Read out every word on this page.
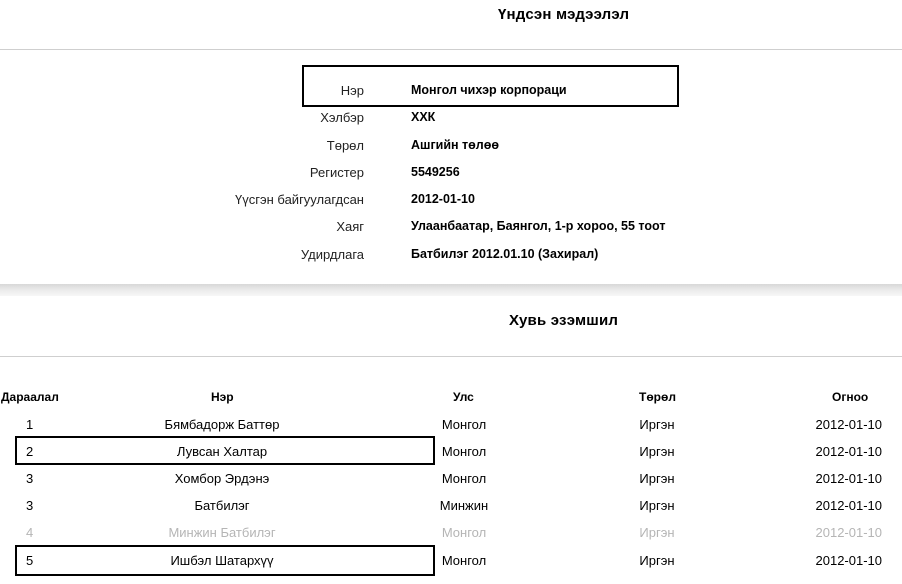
Үндсэн мэдээлэл
Нэр	Монгол чихэр корпораци
Хэлбэр	ХХК
Төрөл	Ашгийн төлөө
Регистер	5549256
Үүсгэн байгуулагдсан	2012-01-10
Хаяг	Улаанбаатар, Баянгол, 1-р хороо, 55 тоот
Удирдлага	Батбилэг 2012.01.10 (Захирал)
Хувь эзэмшил
Дараалал	Нэр	Улс	Төрөл	Огноо
1	Бямбадорж Баттөр	Монгол	Иргэн	2012-01-10
2	Лувсан Халтар	Монгол	Иргэн	2012-01-10
3	Хомбор Эрдэнэ	Монгол	Иргэн	2012-01-10
3	Батбилэг	Минжин	Иргэн	2012-01-10
4	Минжин Батбилэг	Монгол	Иргэн	2012-01-10
5	Ишбэл Шатархүү	Монгол	Иргэн	2012-01-10
